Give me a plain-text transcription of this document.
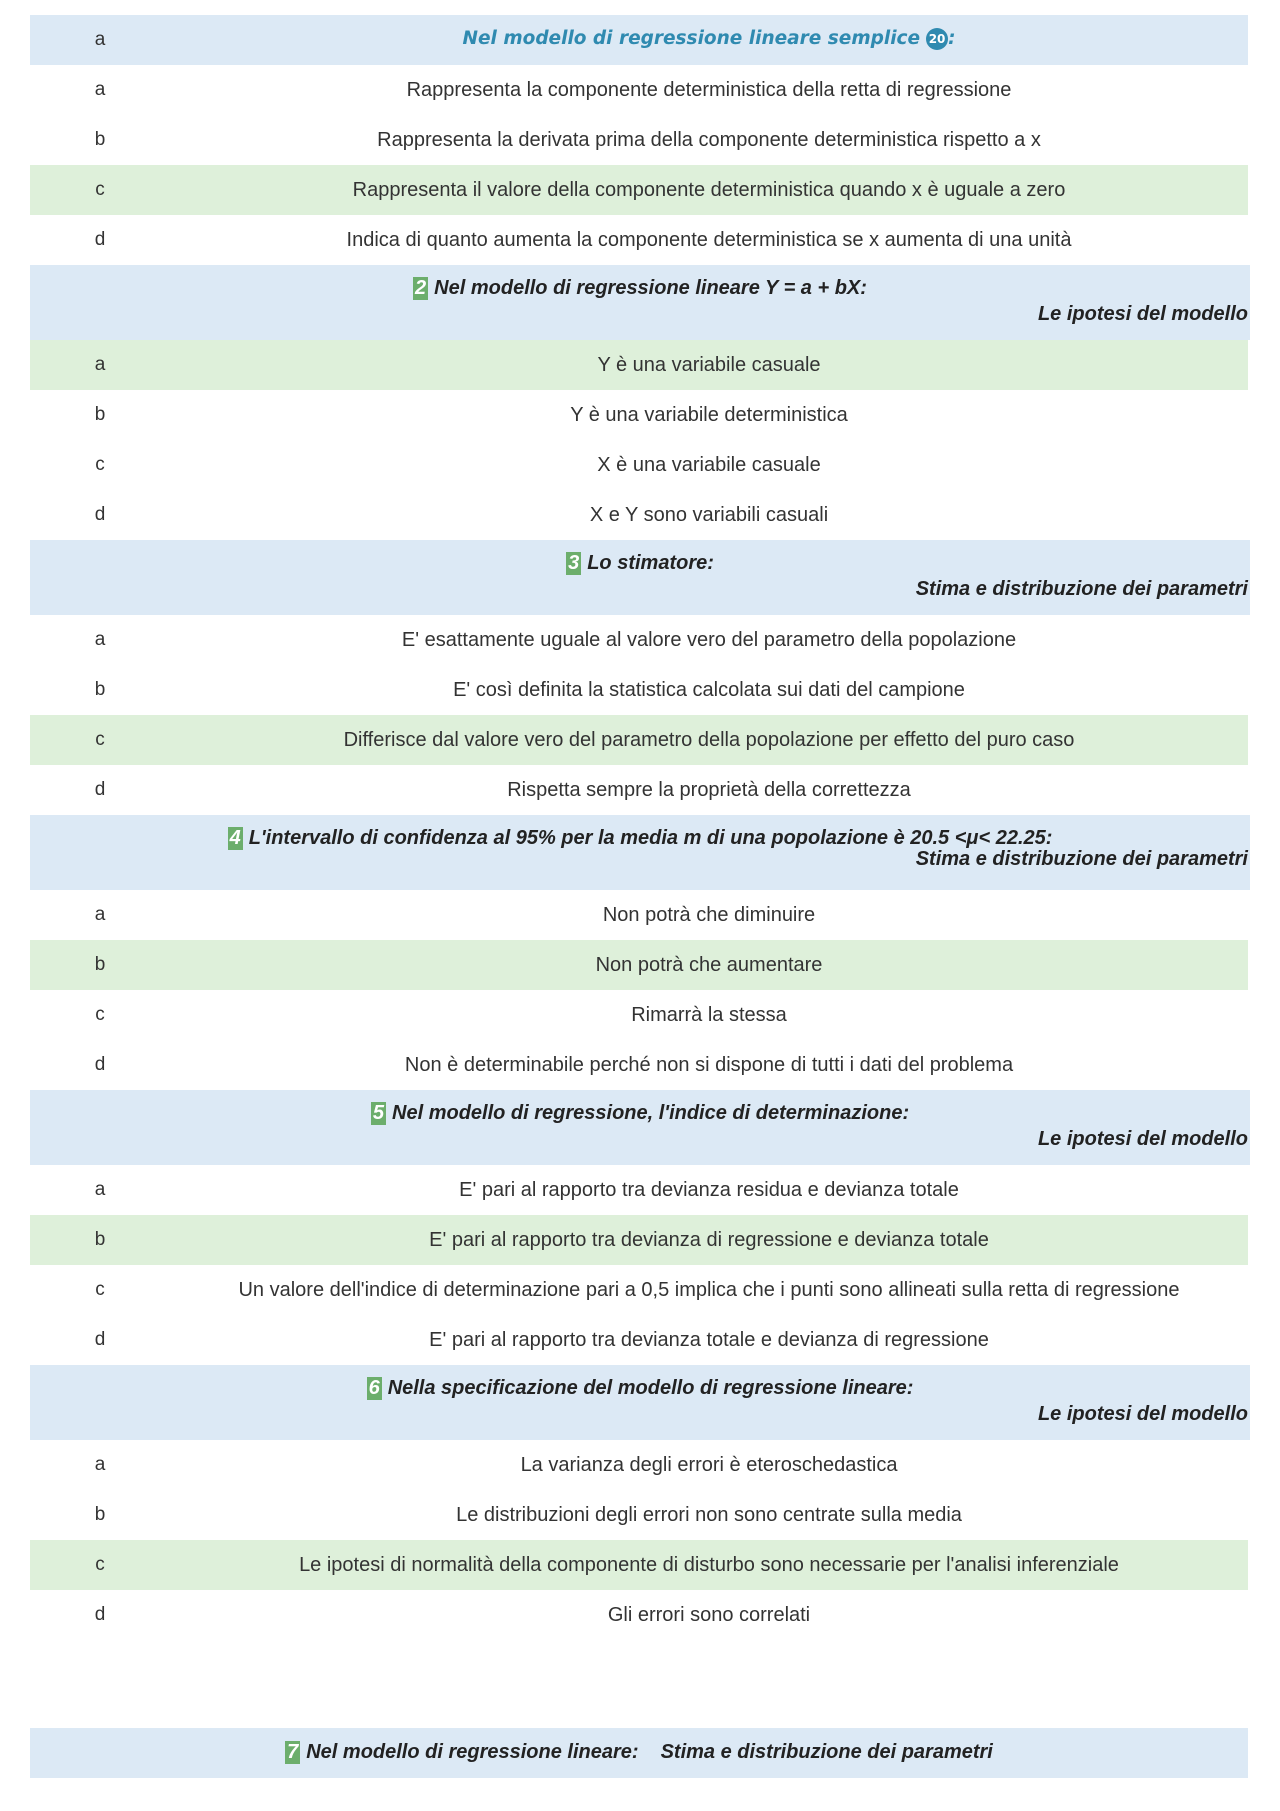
a	Nel modello di regressione lineare semplice 20 :
a	Rappresenta la componente deterministica della retta di regressione
b	Rappresenta la derivata prima della componente deterministica rispetto a x
c	Rappresenta il valore della componente deterministica quando x è uguale a zero
d	Indica di quanto aumenta la componente deterministica se x aumenta di una unità
2 Nel modello di regressione lineare Y = a + bX:
Le ipotesi del modello
a	Y è una variabile casuale
b	Y è una variabile deterministica
c	X è una variabile casuale
d	X e Y sono variabili casuali
3 Lo stimatore:
Stima e distribuzione dei parametri
a	E' esattamente uguale al valore vero del parametro della popolazione
b	E' così definita la statistica calcolata sui dati del campione
c	Differisce dal valore vero del parametro della popolazione per effetto del puro caso
d	Rispetta sempre la proprietà della correttezza
4 L'intervallo di confidenza al 95% per la media m di una popolazione è 20.5 <μ< 22.25:
Stima e distribuzione dei parametri
a	Non potrà che diminuire
b	Non potrà che aumentare
c	Rimarrà la stessa
d	Non è determinabile perché non si dispone di tutti i dati del problema
5 Nel modello di regressione, l'indice di determinazione:
Le ipotesi del modello
a	E' pari al rapporto tra devianza residua e devianza totale
b	E' pari al rapporto tra devianza di regressione e devianza totale
c	Un valore dell'indice di determinazione pari a 0,5 implica che i punti sono allineati sulla retta di regressione
d	E' pari al rapporto tra devianza totale e devianza di regressione
6 Nella specificazione del modello di regressione lineare:
Le ipotesi del modello
a	La varianza degli errori è eteroschedastica
b	Le distribuzioni degli errori non sono centrate sulla media
c	Le ipotesi di normalità della componente di disturbo sono necessarie per l'analisi inferenziale
d	Gli errori sono correlati
7 Nel modello di regressione lineare: Stima e distribuzione dei parametri
